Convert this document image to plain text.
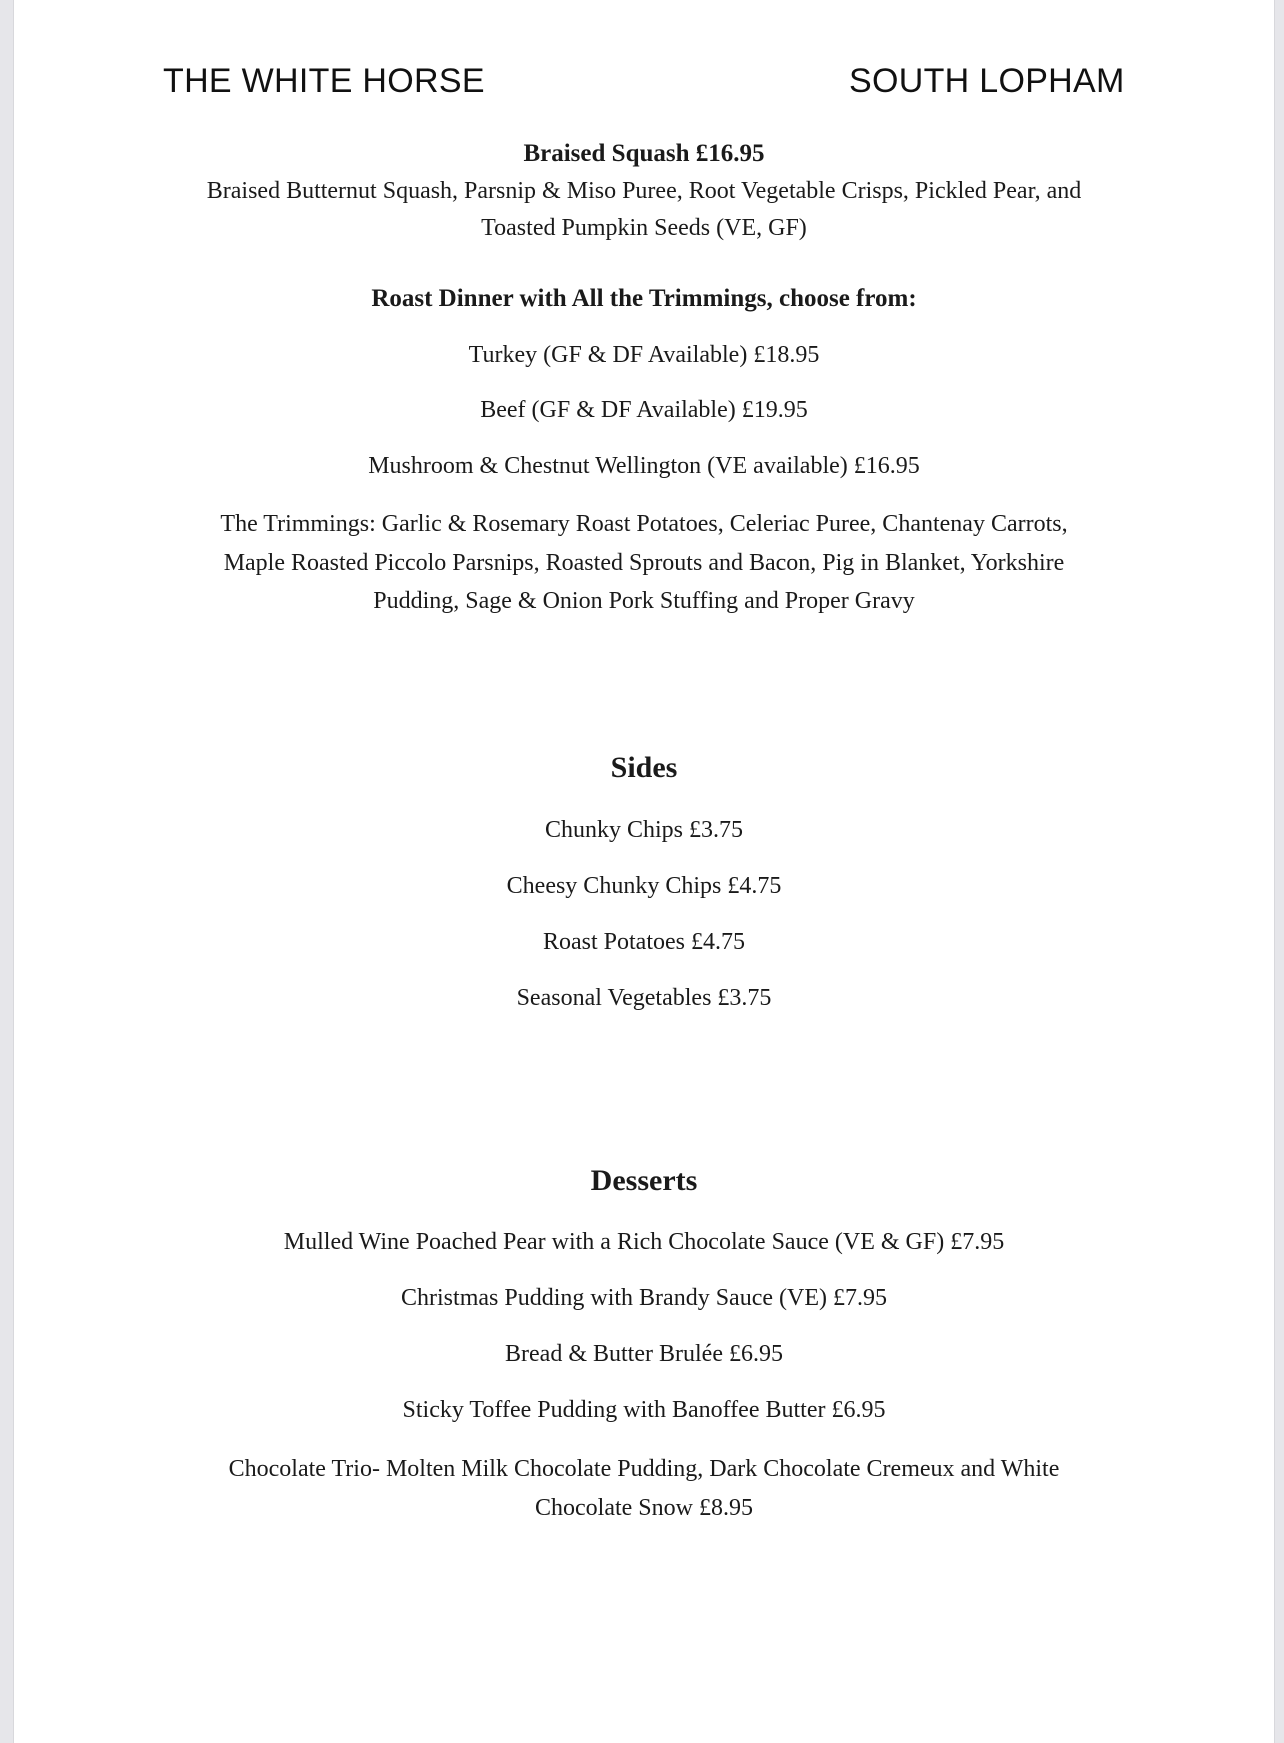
THE WHITE HORSE	SOUTH LOPHAM
Braised Squash £16.95
Braised Butternut Squash, Parsnip & Miso Puree, Root Vegetable Crisps, Pickled Pear, and
Toasted Pumpkin Seeds (VE, GF)
Roast Dinner with All the Trimmings, choose from:
Turkey (GF & DF Available) £18.95
Beef (GF & DF Available) £19.95
Mushroom & Chestnut Wellington (VE available) £16.95
The Trimmings: Garlic & Rosemary Roast Potatoes, Celeriac Puree, Chantenay Carrots,
Maple Roasted Piccolo Parsnips, Roasted Sprouts and Bacon, Pig in Blanket, Yorkshire
Pudding, Sage & Onion Pork Stuffing and Proper Gravy
Sides
Chunky Chips £3.75
Cheesy Chunky Chips £4.75
Roast Potatoes £4.75
Seasonal Vegetables £3.75
Desserts
Mulled Wine Poached Pear with a Rich Chocolate Sauce (VE & GF) £7.95
Christmas Pudding with Brandy Sauce (VE) £7.95
Bread & Butter Brulée £6.95
Sticky Toffee Pudding with Banoffee Butter £6.95
Chocolate Trio- Molten Milk Chocolate Pudding, Dark Chocolate Cremeux and White
Chocolate Snow £8.95
